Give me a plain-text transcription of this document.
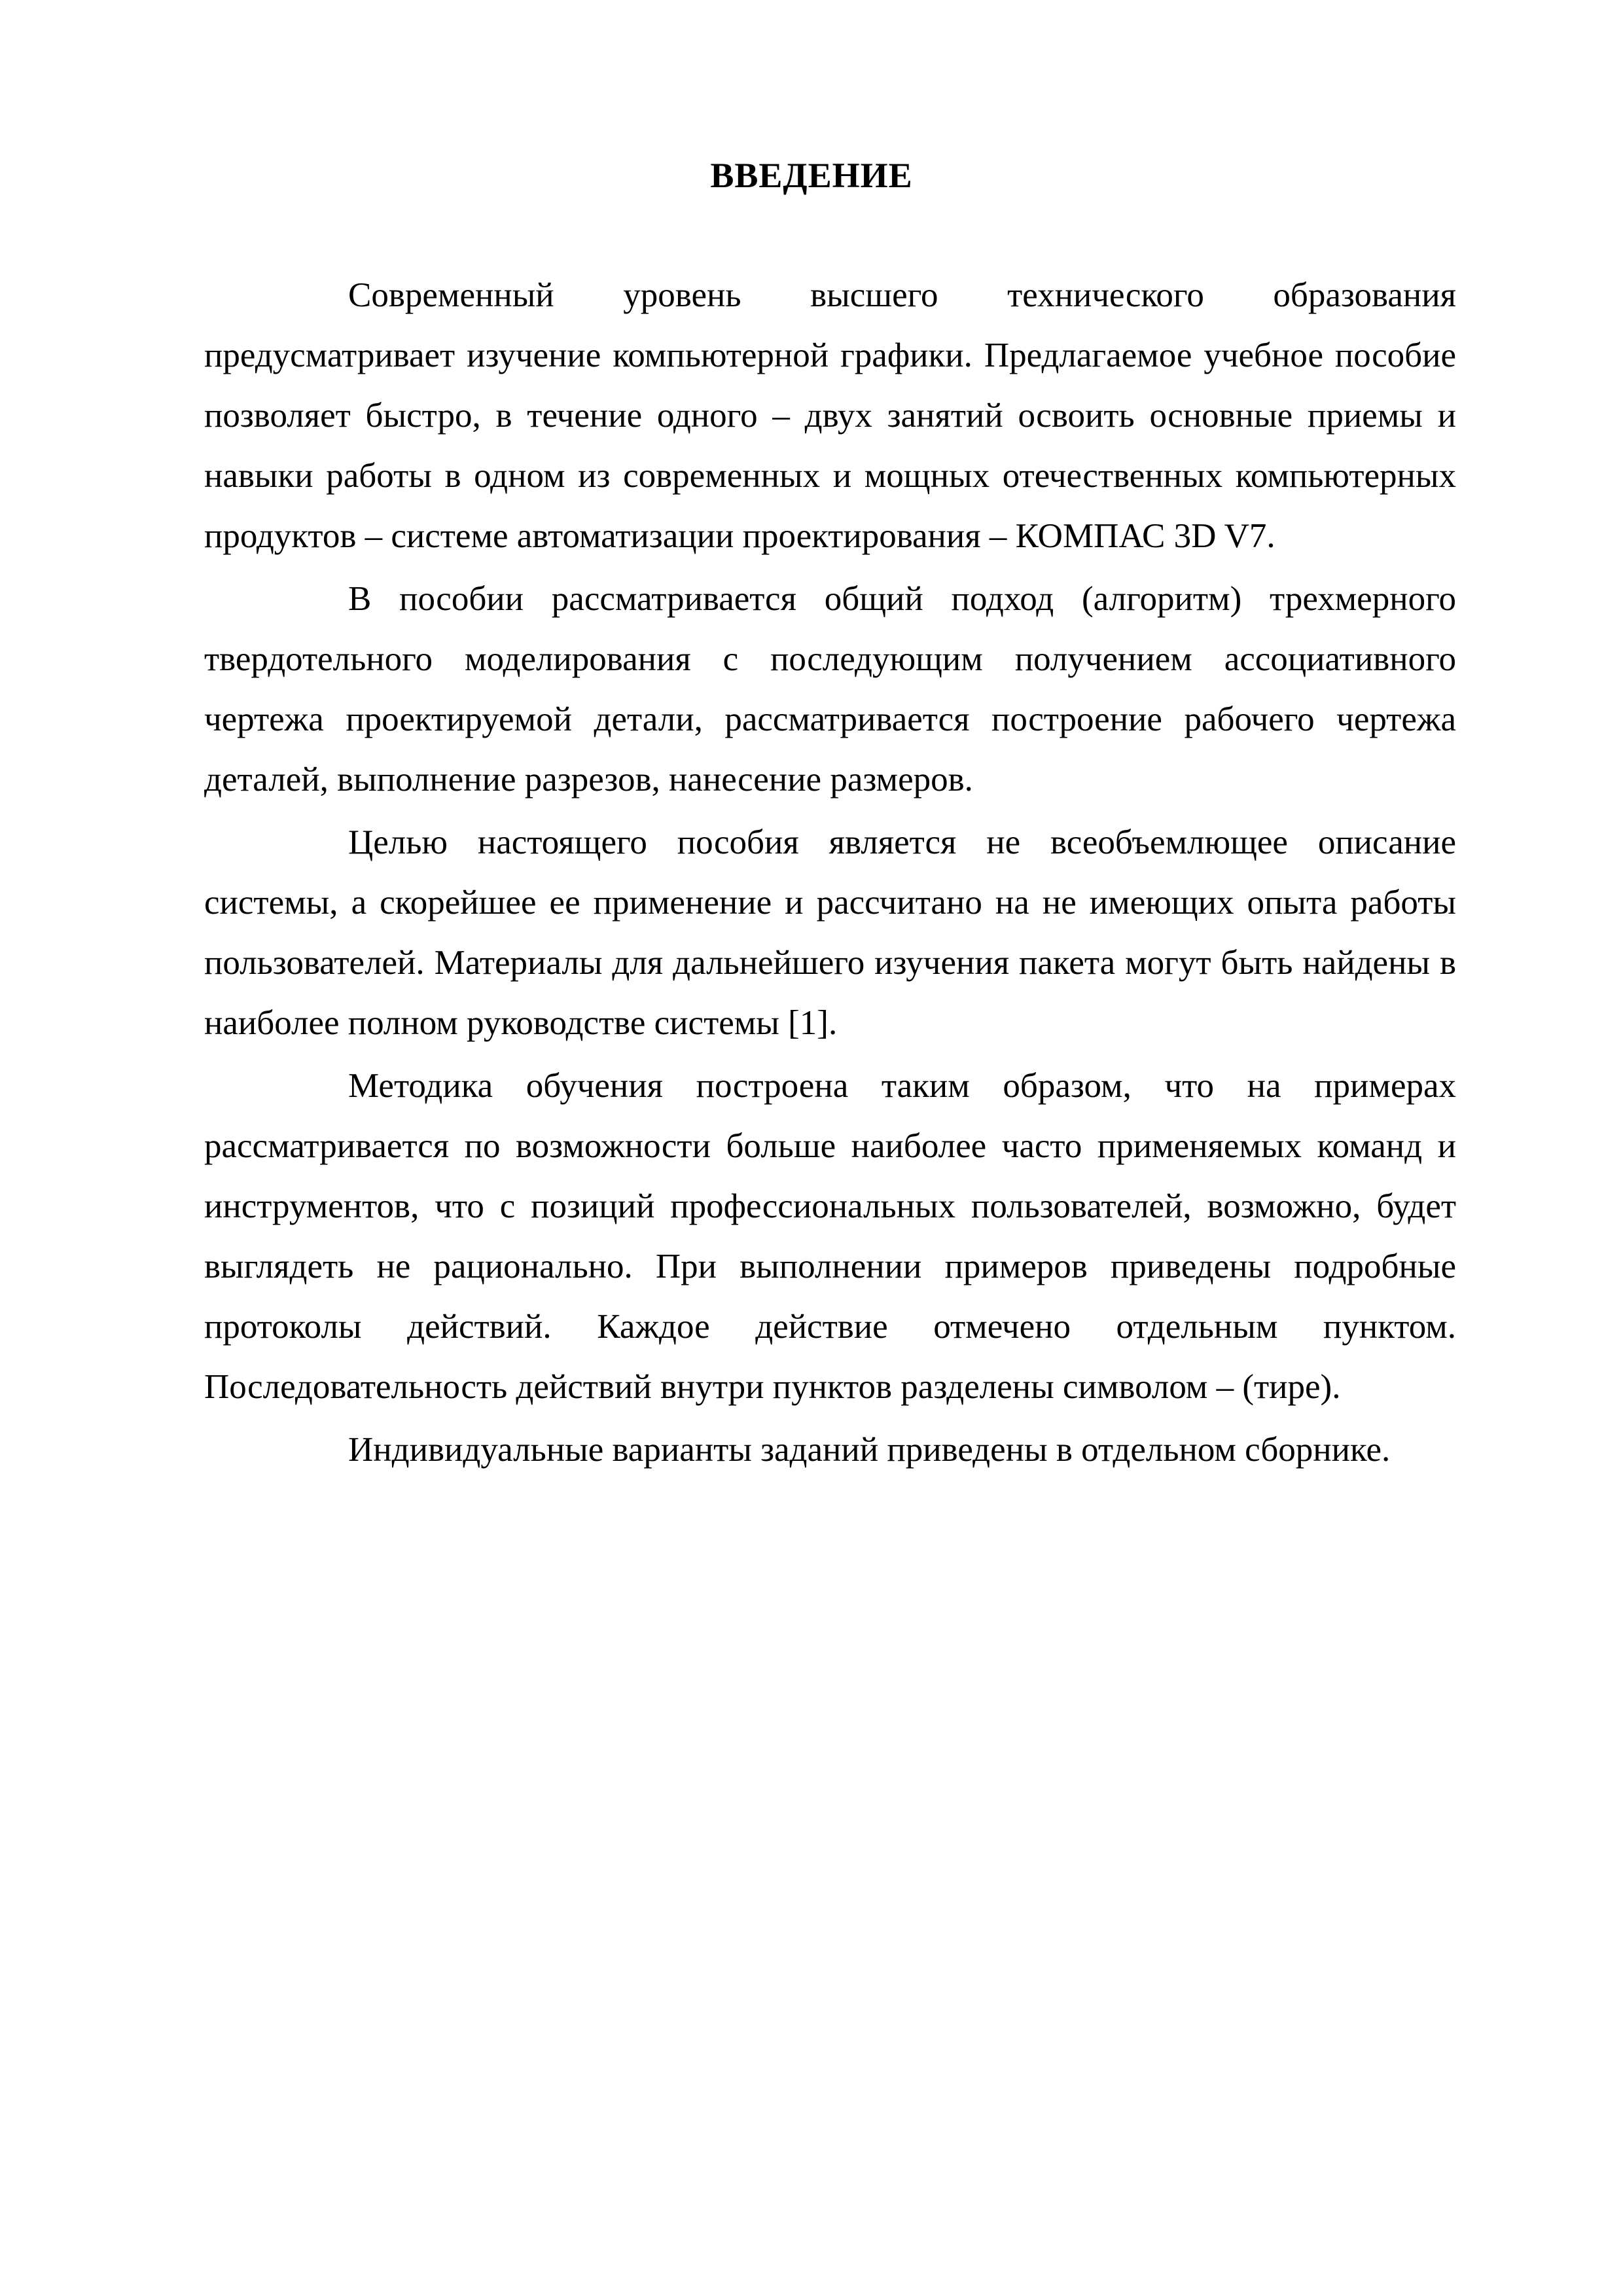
ВВЕДЕНИЕ

Современный уровень высшего технического образования предусматривает изучение компьютерной графики. Предлагаемое учебное пособие позволяет быстро, в течение одного – двух занятий освоить основные приемы и навыки работы в одном из современных и мощных отечественных компьютерных продуктов – системе автоматизации проектирования – КОМПАС 3D V7.

В пособии рассматривается общий подход (алгоритм) трехмерного твердотельного моделирования с последующим получением ассоциативного чертежа проектируемой детали, рассматривается построение рабочего чертежа деталей, выполнение разрезов, нанесение размеров.

Целью настоящего пособия является не всеобъемлющее описание системы, а скорейшее ее применение и рассчитано на не имеющих опыта работы пользователей. Материалы для дальнейшего изучения пакета могут быть найдены в наиболее полном руководстве системы [1].

Методика обучения построена таким образом, что на примерах рассматривается по возможности больше наиболее часто применяемых команд и инструментов, что с позиций профессиональных пользователей, возможно, будет выглядеть не рационально. При выполнении примеров приведены подробные протоколы действий. Каждое действие отмечено отдельным пунктом. Последовательность действий внутри пунктов разделены символом – (тире).

Индивидуальные варианты заданий приведены в отдельном сборнике.
